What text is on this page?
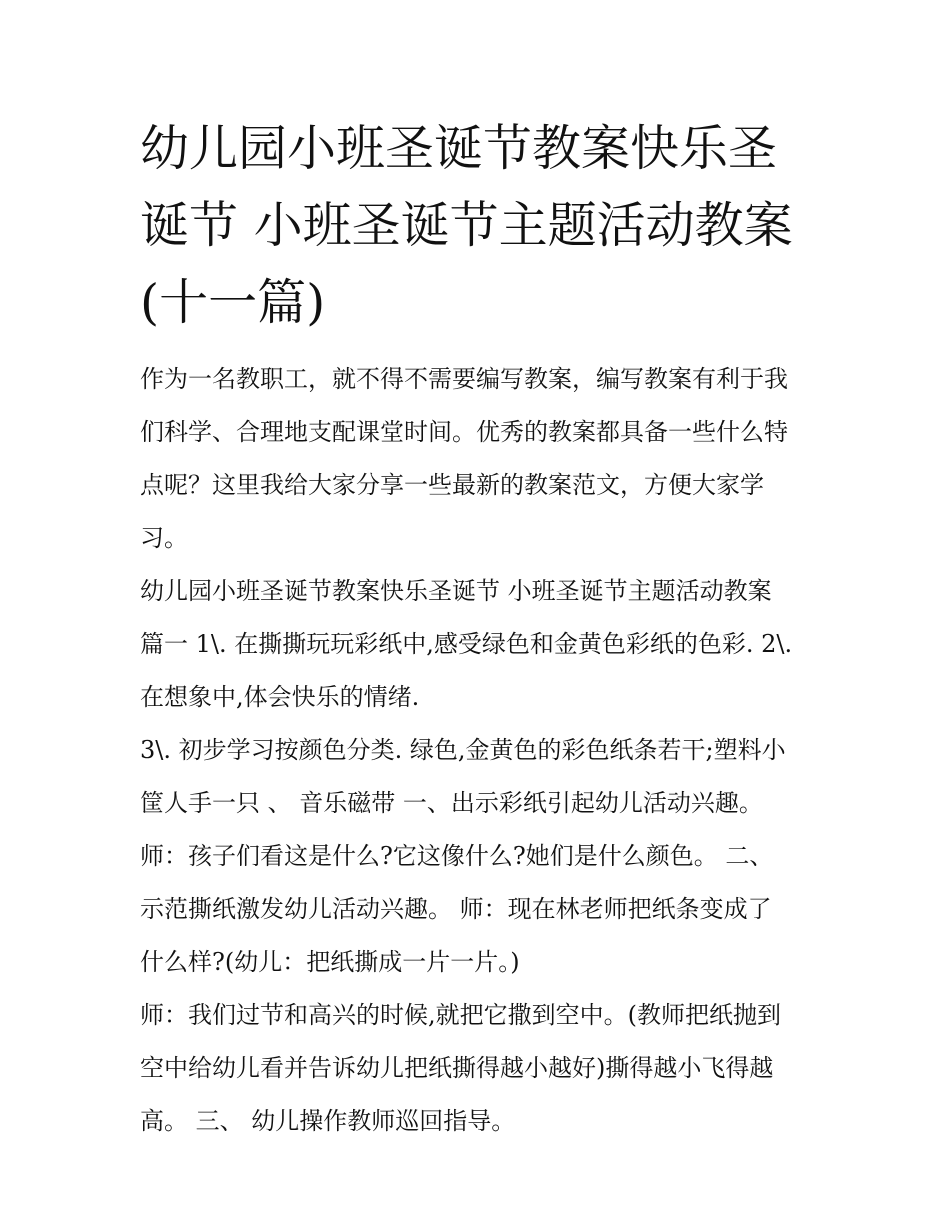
幼儿园小班圣诞节教案快乐圣
诞节 小班圣诞节主题活动教案
(十一篇)

作为一名教职工，就不得不需要编写教案，编写教案有利于我
们科学、合理地支配课堂时间。优秀的教案都具备一些什么特
点呢？这里我给大家分享一些最新的教案范文，方便大家学
习。

幼儿园小班圣诞节教案快乐圣诞节 小班圣诞节主题活动教案
篇一 1\. 在撕撕玩玩彩纸中,感受绿色和金黄色彩纸的色彩. 2\.
在想象中,体会快乐的情绪.

3\. 初步学习按颜色分类. 绿色,金黄色的彩色纸条若干;塑料小
筐人手一只 、 音乐磁带 一、出示彩纸引起幼儿活动兴趣。
师：孩子们看这是什么?它这像什么?她们是什么颜色。 二、
示范撕纸激发幼儿活动兴趣。 师：现在林老师把纸条变成了
什么样?(幼儿：把纸撕成一片一片。)

师：我们过节和高兴的时候,就把它撒到空中。(教师把纸抛到
空中给幼儿看并告诉幼儿把纸撕得越小越好)撕得越小飞得越
高。 三、 幼儿操作教师巡回指导。
